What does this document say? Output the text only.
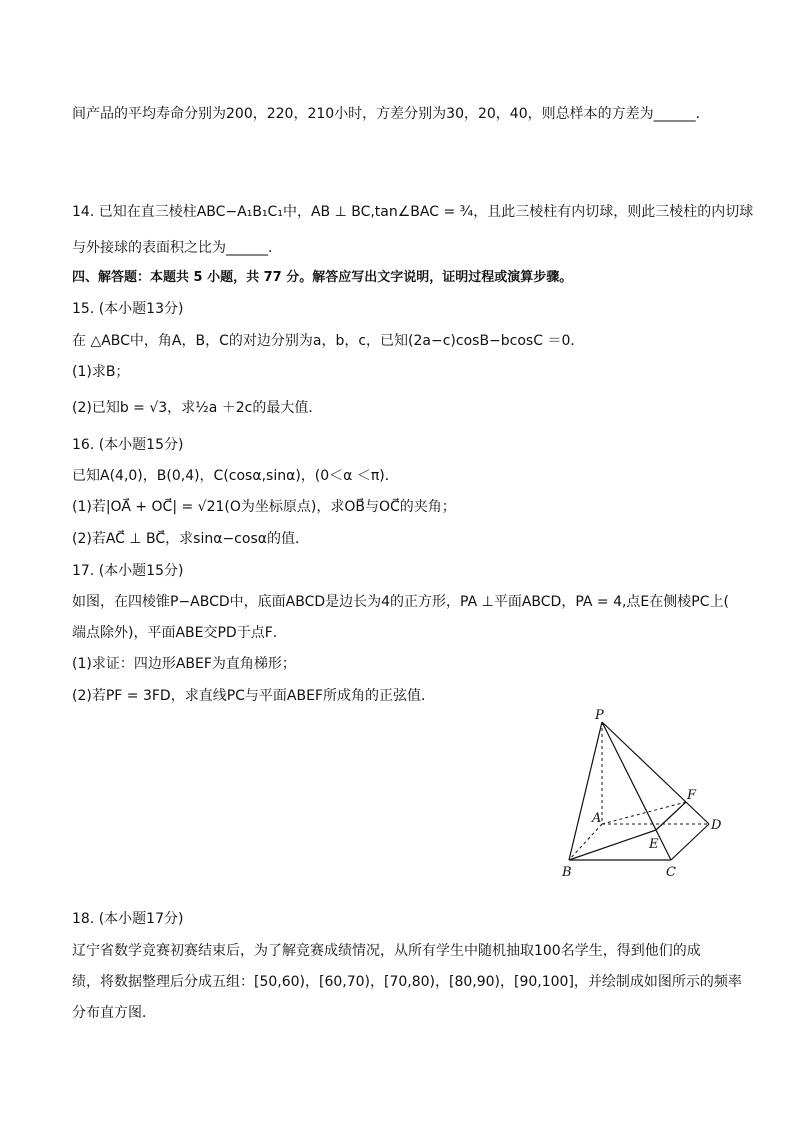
间产品的平均寿命分别为200，220，210小时，方差分别为30，20，40，则总样本的方差为______．
14. 已知在直三棱柱ABC−A₁B₁C₁中，AB ⊥ BC,tan∠BAC = ¾，且此三棱柱有内切球，则此三棱柱的内切球
与外接球的表面积之比为______．
四、解答题：本题共 5 小题，共 77 分。解答应写出文字说明，证明过程或演算步骤。
15. (本小题13分)
在 △ABC中，角A，B，C的对边分别为a，b，c，已知(2a−c)cosB−bcosC ＝0．
(1)求B；
(2)已知b = √3，求½a ＋2c的最大值．
16. (本小题15分)
已知A(4,0)，B(0,4)，C(cosα,sinα)，(0＜α ＜π)．
(1)若|OA⃗ + OC⃗| = √21(O为坐标原点)，求OB⃗与OC⃗的夹角；
(2)若AC⃗ ⊥ BC⃗，求sinα−cosα的值．
17. (本小题15分)
如图，在四棱锥P−ABCD中，底面ABCD是边长为4的正方形，PA ⊥平面ABCD，PA = 4,点E在侧棱PC上(
端点除外)，平面ABE交PD于点F．
(1)求证：四边形ABEF为直角梯形；
(2)若PF = 3FD，求直线PC与平面ABEF所成角的正弦值．
P
A
B	C
D
E
F
18. (本小题17分)
辽宁省数学竞赛初赛结束后，为了解竞赛成绩情况，从所有学生中随机抽取100名学生，得到他们的成
绩，将数据整理后分成五组：[50,60)，[60,70)，[70,80)，[80,90)，[90,100]，并绘制成如图所示的频率
分布直方图．
